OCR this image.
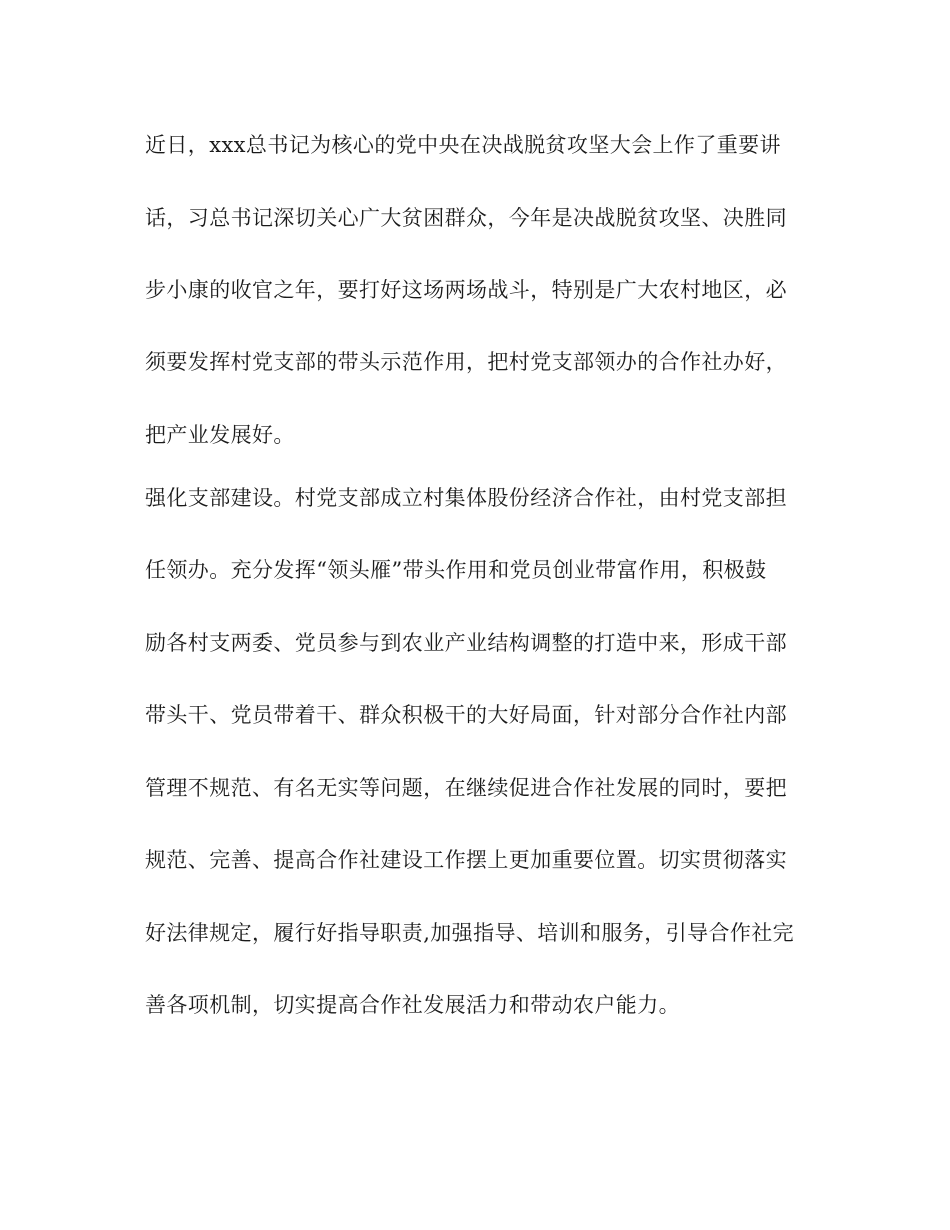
近日，xxx总书记为核心的党中央在决战脱贫攻坚大会上作了重要讲
话，习总书记深切关心广大贫困群众，今年是决战脱贫攻坚、决胜同
步小康的收官之年，要打好这场两场战斗，特别是广大农村地区，必
须要发挥村党支部的带头示范作用，把村党支部领办的合作社办好，
把产业发展好。
强化支部建设。村党支部成立村集体股份经济合作社，由村党支部担
任领办。充分发挥“领头雁”带头作用和党员创业带富作用，积极鼓
励各村支两委、党员参与到农业产业结构调整的打造中来，形成干部
带头干、党员带着干、群众积极干的大好局面，针对部分合作社内部
管理不规范、有名无实等问题，在继续促进合作社发展的同时，要把
规范、完善、提高合作社建设工作摆上更加重要位置。切实贯彻落实
好法律规定，履行好指导职责,加强指导、培训和服务，引导合作社完
善各项机制，切实提高合作社发展活力和带动农户能力。
